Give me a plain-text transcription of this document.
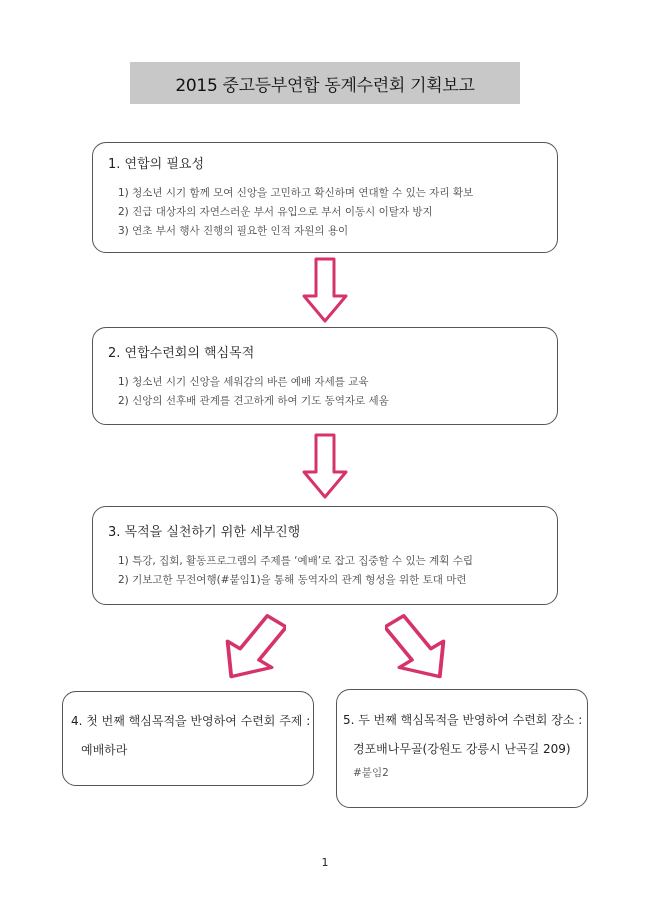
2015 중고등부연합 동계수련회 기획보고
1. 연합의 필요성
1) 청소년 시기 함께 모여 신앙을 고민하고 확신하며 연대할 수 있는 자리 확보
2) 진급 대상자의 자연스러운 부서 유입으로 부서 이동시 이탈자 방지
3) 연초 부서 행사 진행의 필요한 인적 자원의 용이
2. 연합수련회의 핵심목적
1) 청소년 시기 신앙을 세워감의 바른 예배 자세를 교육
2) 신앙의 선후배 관계를 견고하게 하여 기도 동역자로 세움
3. 목적을 실천하기 위한 세부진행
1) 특강, 집회, 활동프로그램의 주제를 ‘예배’로 잡고 집중할 수 있는 계획 수립
2) 기보고한 무전여행(#붙임1)을 통해 동역자의 관계 형성을 위한 토대 마련
4. 첫 번째 핵심목적을 반영하여 수련회 주제 :
예배하라
5. 두 번째 핵심목적을 반영하여 수련회 장소 :
경포배나무골(강원도 강릉시 난곡길 209)
#붙임2
1
